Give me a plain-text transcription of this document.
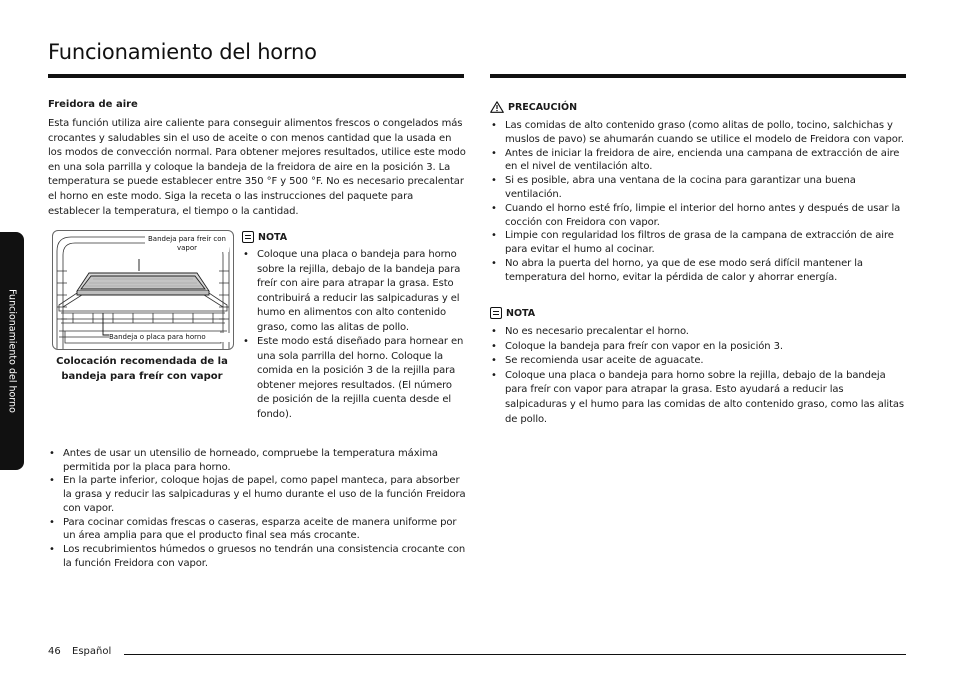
Funcionamiento del horno
Funcionamiento del horno
Freidora de aire

Esta función utiliza aire caliente para conseguir alimentos frescos o congelados más crocantes y saludables sin el uso de aceite o con menos cantidad que la usada en los modos de convección normal. Para obtener mejores resultados, utilice este modo en una sola parrilla y coloque la bandeja de la freidora de aire en la posición 3. La temperatura se puede establecer entre 350 °F y 500 °F. No es necesario precalentar el horno en este modo. Siga la receta o las instrucciones del paquete para establecer la temperatura, el tiempo o la cantidad.

Bandeja para freír con vapor
Bandeja o placa para horno
Colocación recomendada de la bandeja para freír con vapor
NOTA
• Coloque una placa o bandeja para horno sobre la rejilla, debajo de la bandeja para freír con aire para atrapar la grasa. Esto contribuirá a reducir las salpicaduras y el humo en alimentos con alto contenido graso, como las alitas de pollo.
• Este modo está diseñado para hornear en una sola parrilla del horno. Coloque la comida en la posición 3 de la rejilla para obtener mejores resultados. (El número de posición de la rejilla cuenta desde el fondo).
• Antes de usar un utensilio de horneado, compruebe la temperatura máxima permitida por la placa para horno.
• En la parte inferior, coloque hojas de papel, como papel manteca, para absorber la grasa y reducir las salpicaduras y el humo durante el uso de la función Freidora con vapor.
• Para cocinar comidas frescas o caseras, esparza aceite de manera uniforme por un área amplia para que el producto final sea más crocante.
• Los recubrimientos húmedos o gruesos no tendrán una consistencia crocante con la función Freidora con vapor.
PRECAUCIÓN
• Las comidas de alto contenido graso (como alitas de pollo, tocino, salchichas y muslos de pavo) se ahumarán cuando se utilice el modelo de Freidora con vapor.
• Antes de iniciar la freidora de aire, encienda una campana de extracción de aire en el nivel de ventilación alto.
• Si es posible, abra una ventana de la cocina para garantizar una buena ventilación.
• Cuando el horno esté frío, limpie el interior del horno antes y después de usar la cocción con Freidora con vapor.
• Limpie con regularidad los filtros de grasa de la campana de extracción de aire para evitar el humo al cocinar.
• No abra la puerta del horno, ya que de ese modo será difícil mantener la temperatura del horno, evitar la pérdida de calor y ahorrar energía.
NOTA
• No es necesario precalentar el horno.
• Coloque la bandeja para freír con vapor en la posición 3.
• Se recomienda usar aceite de aguacate.
• Coloque una placa o bandeja para horno sobre la rejilla, debajo de la bandeja para freír con vapor para atrapar la grasa. Esto ayudará a reducir las salpicaduras y el humo para las comidas de alto contenido graso, como las alitas de pollo.
46 Español
